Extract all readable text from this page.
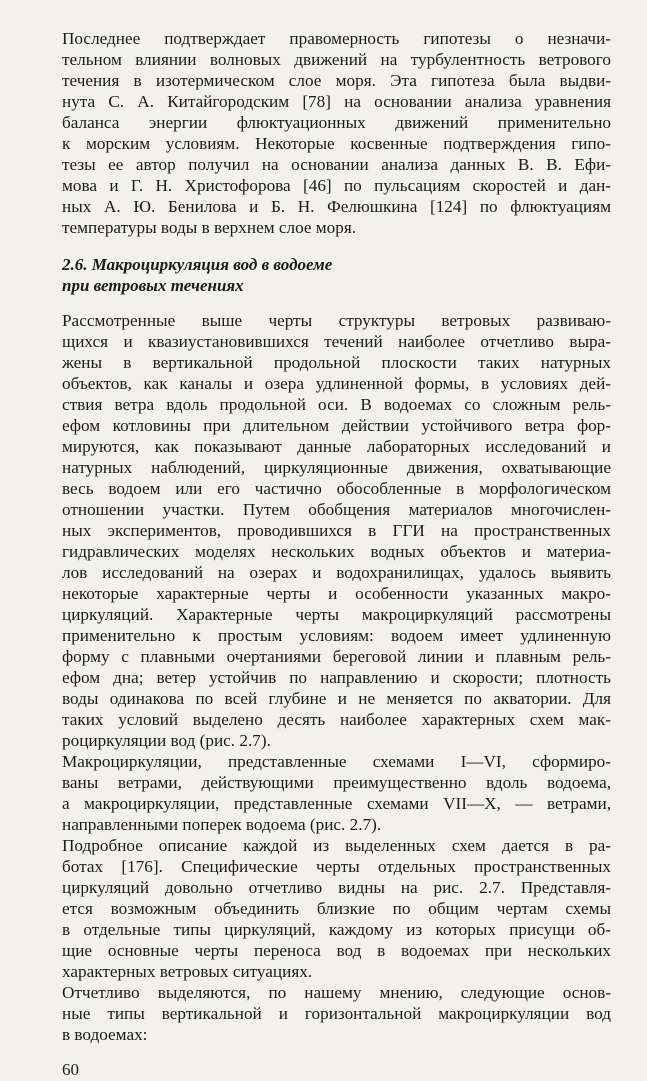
Последнее подтверждает правомерность гипотезы о незначи-
тельном влиянии волновых движений на турбулентность ветрового
течения в изотермическом слое моря. Эта гипотеза была выдви-
нута С. А. Китайгородским [78] на основании анализа уравнения
баланса энергии флюктуационных движений применительно
к морским условиям. Некоторые косвенные подтверждения гипо-
тезы ее автор получил на основании анализа данных В. В. Ефи-
мова и Г. Н. Христофорова [46] по пульсациям скоростей и дан-
ных А. Ю. Бенилова и Б. Н. Фелюшкина [124] по флюктуациям
температуры воды в верхнем слое моря.
2.6. Макроциркуляция вод в водоеме
при ветровых течениях
Рассмотренные выше черты структуры ветровых развиваю-
щихся и квазиустановившихся течений наиболее отчетливо выра-
жены в вертикальной продольной плоскости таких натурных
объектов, как каналы и озера удлиненной формы, в условиях дей-
ствия ветра вдоль продольной оси. В водоемах со сложным рель-
ефом котловины при длительном действии устойчивого ветра фор-
мируются, как показывают данные лабораторных исследований и
натурных наблюдений, циркуляционные движения, охватывающие
весь водоем или его частично обособленные в морфологическом
отношении участки. Путем обобщения материалов многочислен-
ных экспериментов, проводившихся в ГГИ на пространственных
гидравлических моделях нескольких водных объектов и материа-
лов исследований на озерах и водохранилищах, удалось выявить
некоторые характерные черты и особенности указанных макро-
циркуляций. Характерные черты макроциркуляций рассмотрены
применительно к простым условиям: водоем имеет удлиненную
форму с плавными очертаниями береговой линии и плавным рель-
ефом дна; ветер устойчив по направлению и скорости; плотность
воды одинакова по всей глубине и не меняется по акватории. Для
таких условий выделено десять наиболее характерных схем мак-
роциркуляции вод (рис. 2.7).
Макроциркуляции, представленные схемами I—VI, сформиро-
ваны ветрами, действующими преимущественно вдоль водоема,
а макроциркуляции, представленные схемами VII—X, — ветрами,
направленными поперек водоема (рис. 2.7).
Подробное описание каждой из выделенных схем дается в ра-
ботах [176]. Специфические черты отдельных пространственных
циркуляций довольно отчетливо видны на рис. 2.7. Представля-
ется возможным объединить близкие по общим чертам схемы
в отдельные типы циркуляций, каждому из которых присущи об-
щие основные черты переноса вод в водоемах при нескольких
характерных ветровых ситуациях.
Отчетливо выделяются, по нашему мнению, следующие основ-
ные типы вертикальной и горизонтальной макроциркуляции вод
в водоемах:
60
